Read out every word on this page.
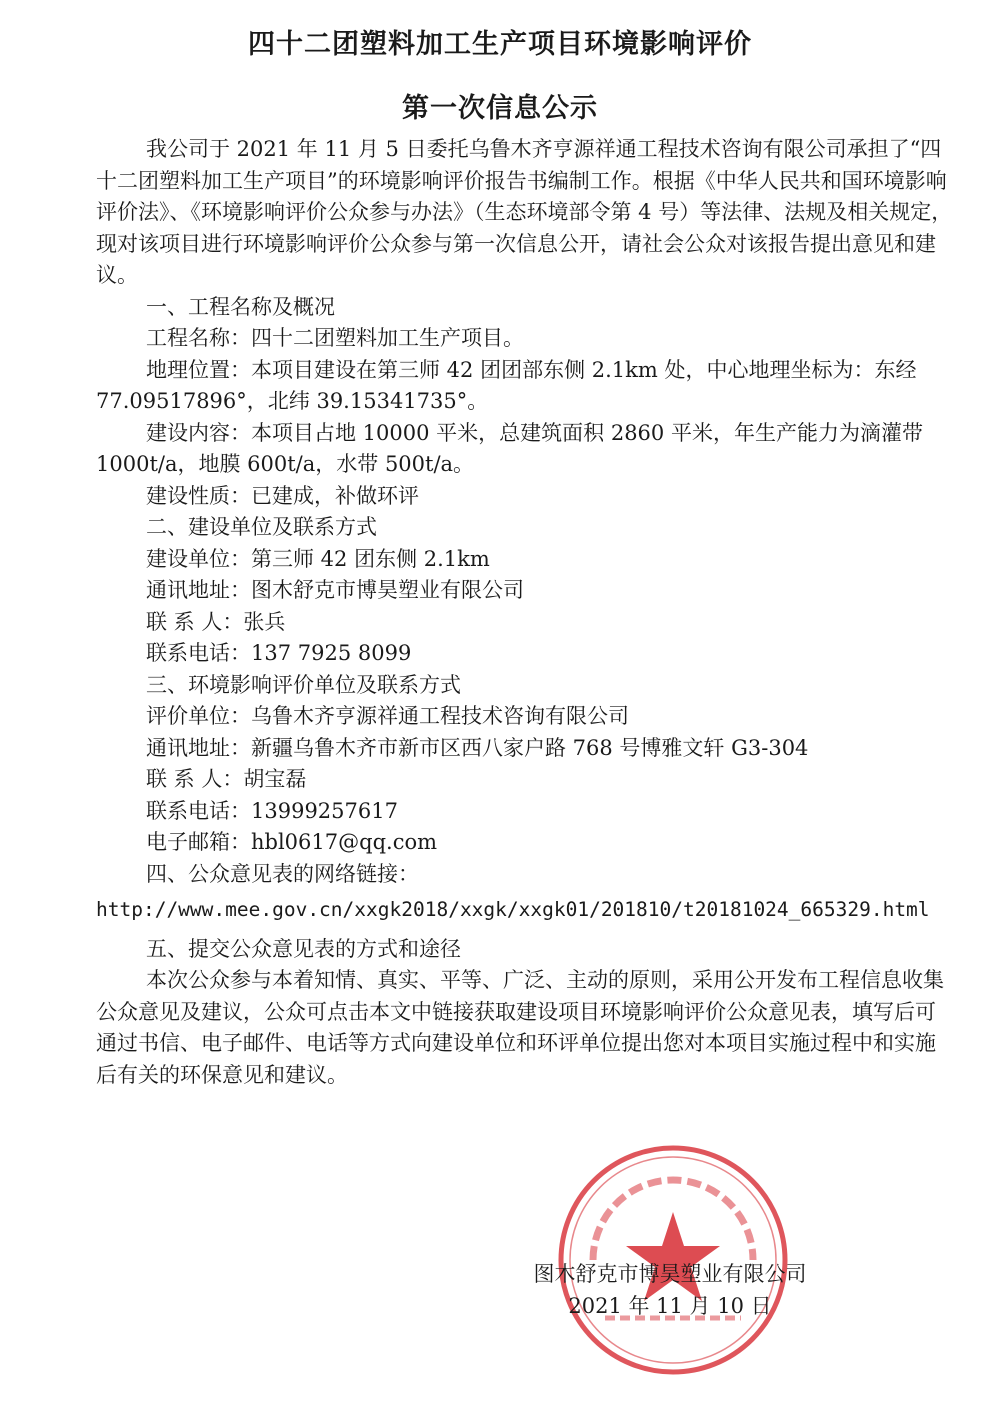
四十二团塑料加工生产项目环境影响评价
第一次信息公示

我公司于 2021 年 11 月 5 日委托乌鲁木齐亨源祥通工程技术咨询有限公司承担了“四十二团塑料加工生产项目”的环境影响评价报告书编制工作。根据《中华人民共和国环境影响评价法》、《环境影响评价公众参与办法》（生态环境部令第 4 号）等法律、法规及相关规定，现对该项目进行环境影响评价公众参与第一次信息公开，请社会公众对该报告提出意见和建议。

一、工程名称及概况

工程名称：四十二团塑料加工生产项目。

地理位置：本项目建设在第三师 42 团团部东侧 2.1km 处，中心地理坐标为：东经 77.09517896°，北纬 39.15341735°。

建设内容：本项目占地 10000 平米，总建筑面积 2860 平米，年生产能力为滴灌带 1000t/a，地膜 600t/a，水带 500t/a。

建设性质：已建成，补做环评

二、建设单位及联系方式

建设单位：第三师 42 团东侧 2.1km

通讯地址：图木舒克市博昊塑业有限公司

联 系 人：张兵

联系电话：137 7925 8099

三、环境影响评价单位及联系方式

评价单位：乌鲁木齐亨源祥通工程技术咨询有限公司

通讯地址：新疆乌鲁木齐市新市区西八家户路 768 号博雅文轩 G3-304

联 系 人：胡宝磊

联系电话：13999257617

电子邮箱：hbl0617@qq.com

四、公众意见表的网络链接：

http://www.mee.gov.cn/xxgk2018/xxgk/xxgk01/201810/t20181024_665329.html

五、提交公众意见表的方式和途径

本次公众参与本着知情、真实、平等、广泛、主动的原则，采用公开发布工程信息收集公众意见及建议，公众可点击本文中链接获取建设项目环境影响评价公众意见表，填写后可通过书信、电子邮件、电话等方式向建设单位和环评单位提出您对本项目实施过程中和实施后有关的环保意见和建议。

图木舒克市博昊塑业有限公司
2021 年 11 月 10 日
